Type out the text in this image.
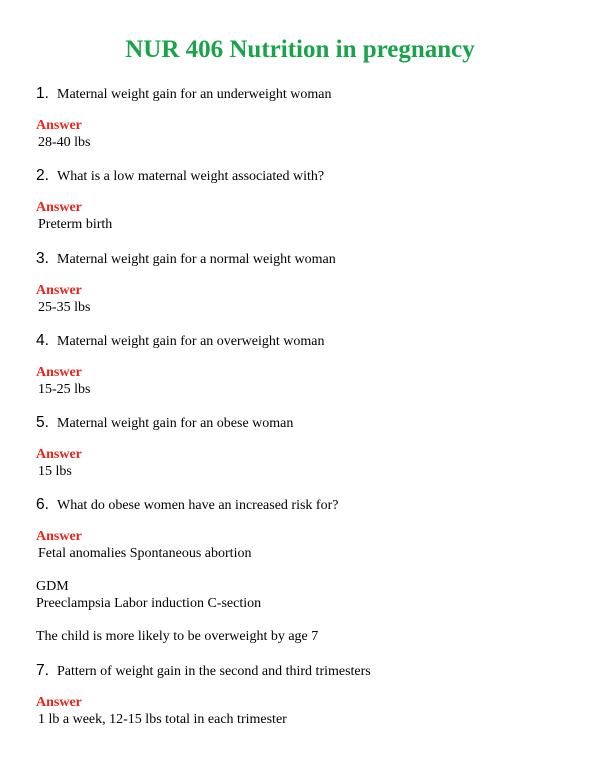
NUR 406 Nutrition in pregnancy
1. Maternal weight gain for an underweight woman
Answer
28-40 lbs
2. What is a low maternal weight associated with?
Answer
Preterm birth
3. Maternal weight gain for a normal weight woman
Answer
25-35 lbs
4. Maternal weight gain for an overweight woman
Answer
15-25 lbs
5. Maternal weight gain for an obese woman
Answer
15 lbs
6. What do obese women have an increased risk for?
Answer
Fetal anomalies Spontaneous abortion
GDM
Preeclampsia Labor induction C-section
The child is more likely to be overweight by age 7
7. Pattern of weight gain in the second and third trimesters
Answer
1 lb a week, 12-15 lbs total in each trimester
